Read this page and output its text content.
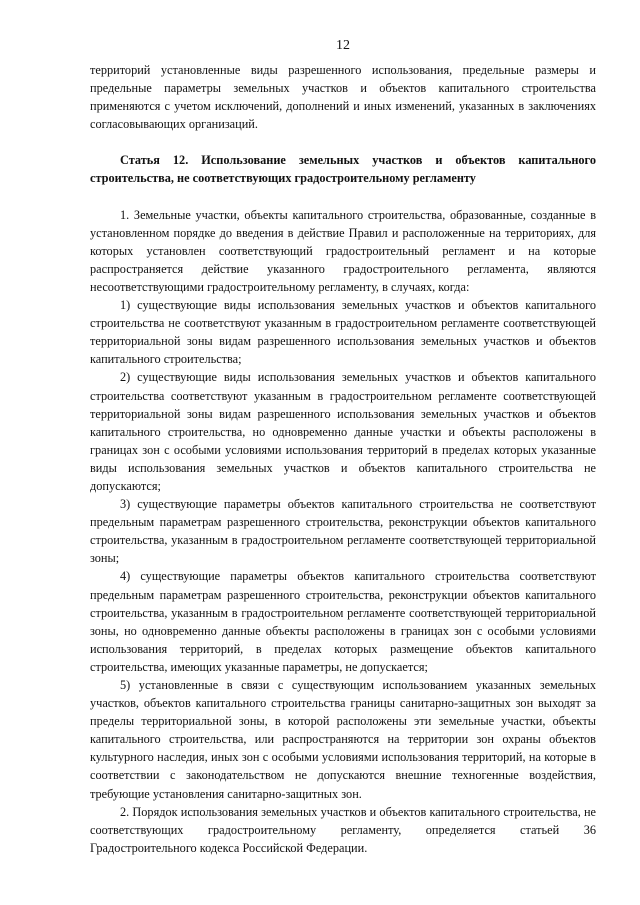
12

территорий установленные виды разрешенного использования, предельные размеры и предельные параметры земельных участков и объектов капитального строительства применяются с учетом исключений, дополнений и иных изменений, указанных в заключениях согласовывающих организаций.

Статья 12. Использование земельных участков и объектов капитального строительства, не соответствующих градостроительному регламенту

1. Земельные участки, объекты капитального строительства, образованные, созданные в установленном порядке до введения в действие Правил и расположенные на территориях, для которых установлен соответствующий градостроительный регламент и на которые распространяется действие указанного градостроительного регламента, являются несоответствующими градостроительному регламенту, в случаях, когда:

1) существующие виды использования земельных участков и объектов капитального строительства не соответствуют указанным в градостроительном регламенте соответствующей территориальной зоны видам разрешенного использования земельных участков и объектов капитального строительства;

2) существующие виды использования земельных участков и объектов капитального строительства соответствуют указанным в градостроительном регламенте соответствующей территориальной зоны видам разрешенного использования земельных участков и объектов капитального строительства, но одновременно данные участки и объекты расположены в границах зон с особыми условиями использования территорий в пределах которых указанные виды использования земельных участков и объектов капитального строительства не допускаются;

3) существующие параметры объектов капитального строительства не соответствуют предельным параметрам разрешенного строительства, реконструкции объектов капитального строительства, указанным в градостроительном регламенте соответствующей территориальной зоны;

4) существующие параметры объектов капитального строительства соответствуют предельным параметрам разрешенного строительства, реконструкции объектов капитального строительства, указанным в градостроительном регламенте соответствующей территориальной зоны, но одновременно данные объекты расположены в границах зон с особыми условиями использования территорий, в пределах которых размещение объектов капитального строительства, имеющих указанные параметры, не допускается;

5) установленные в связи с существующим использованием указанных земельных участков, объектов капитального строительства границы санитарно-защитных зон выходят за пределы территориальной зоны, в которой расположены эти земельные участки, объекты капитального строительства, или распространяются на территории зон охраны объектов культурного наследия, иных зон с особыми условиями использования территорий, на которые в соответствии с законодательством не допускаются внешние техногенные воздействия, требующие установления санитарно-защитных зон.

2. Порядок использования земельных участков и объектов капитального строительства, не соответствующих градостроительному регламенту, определяется статьей 36 Градостроительного кодекса Российской Федерации.
